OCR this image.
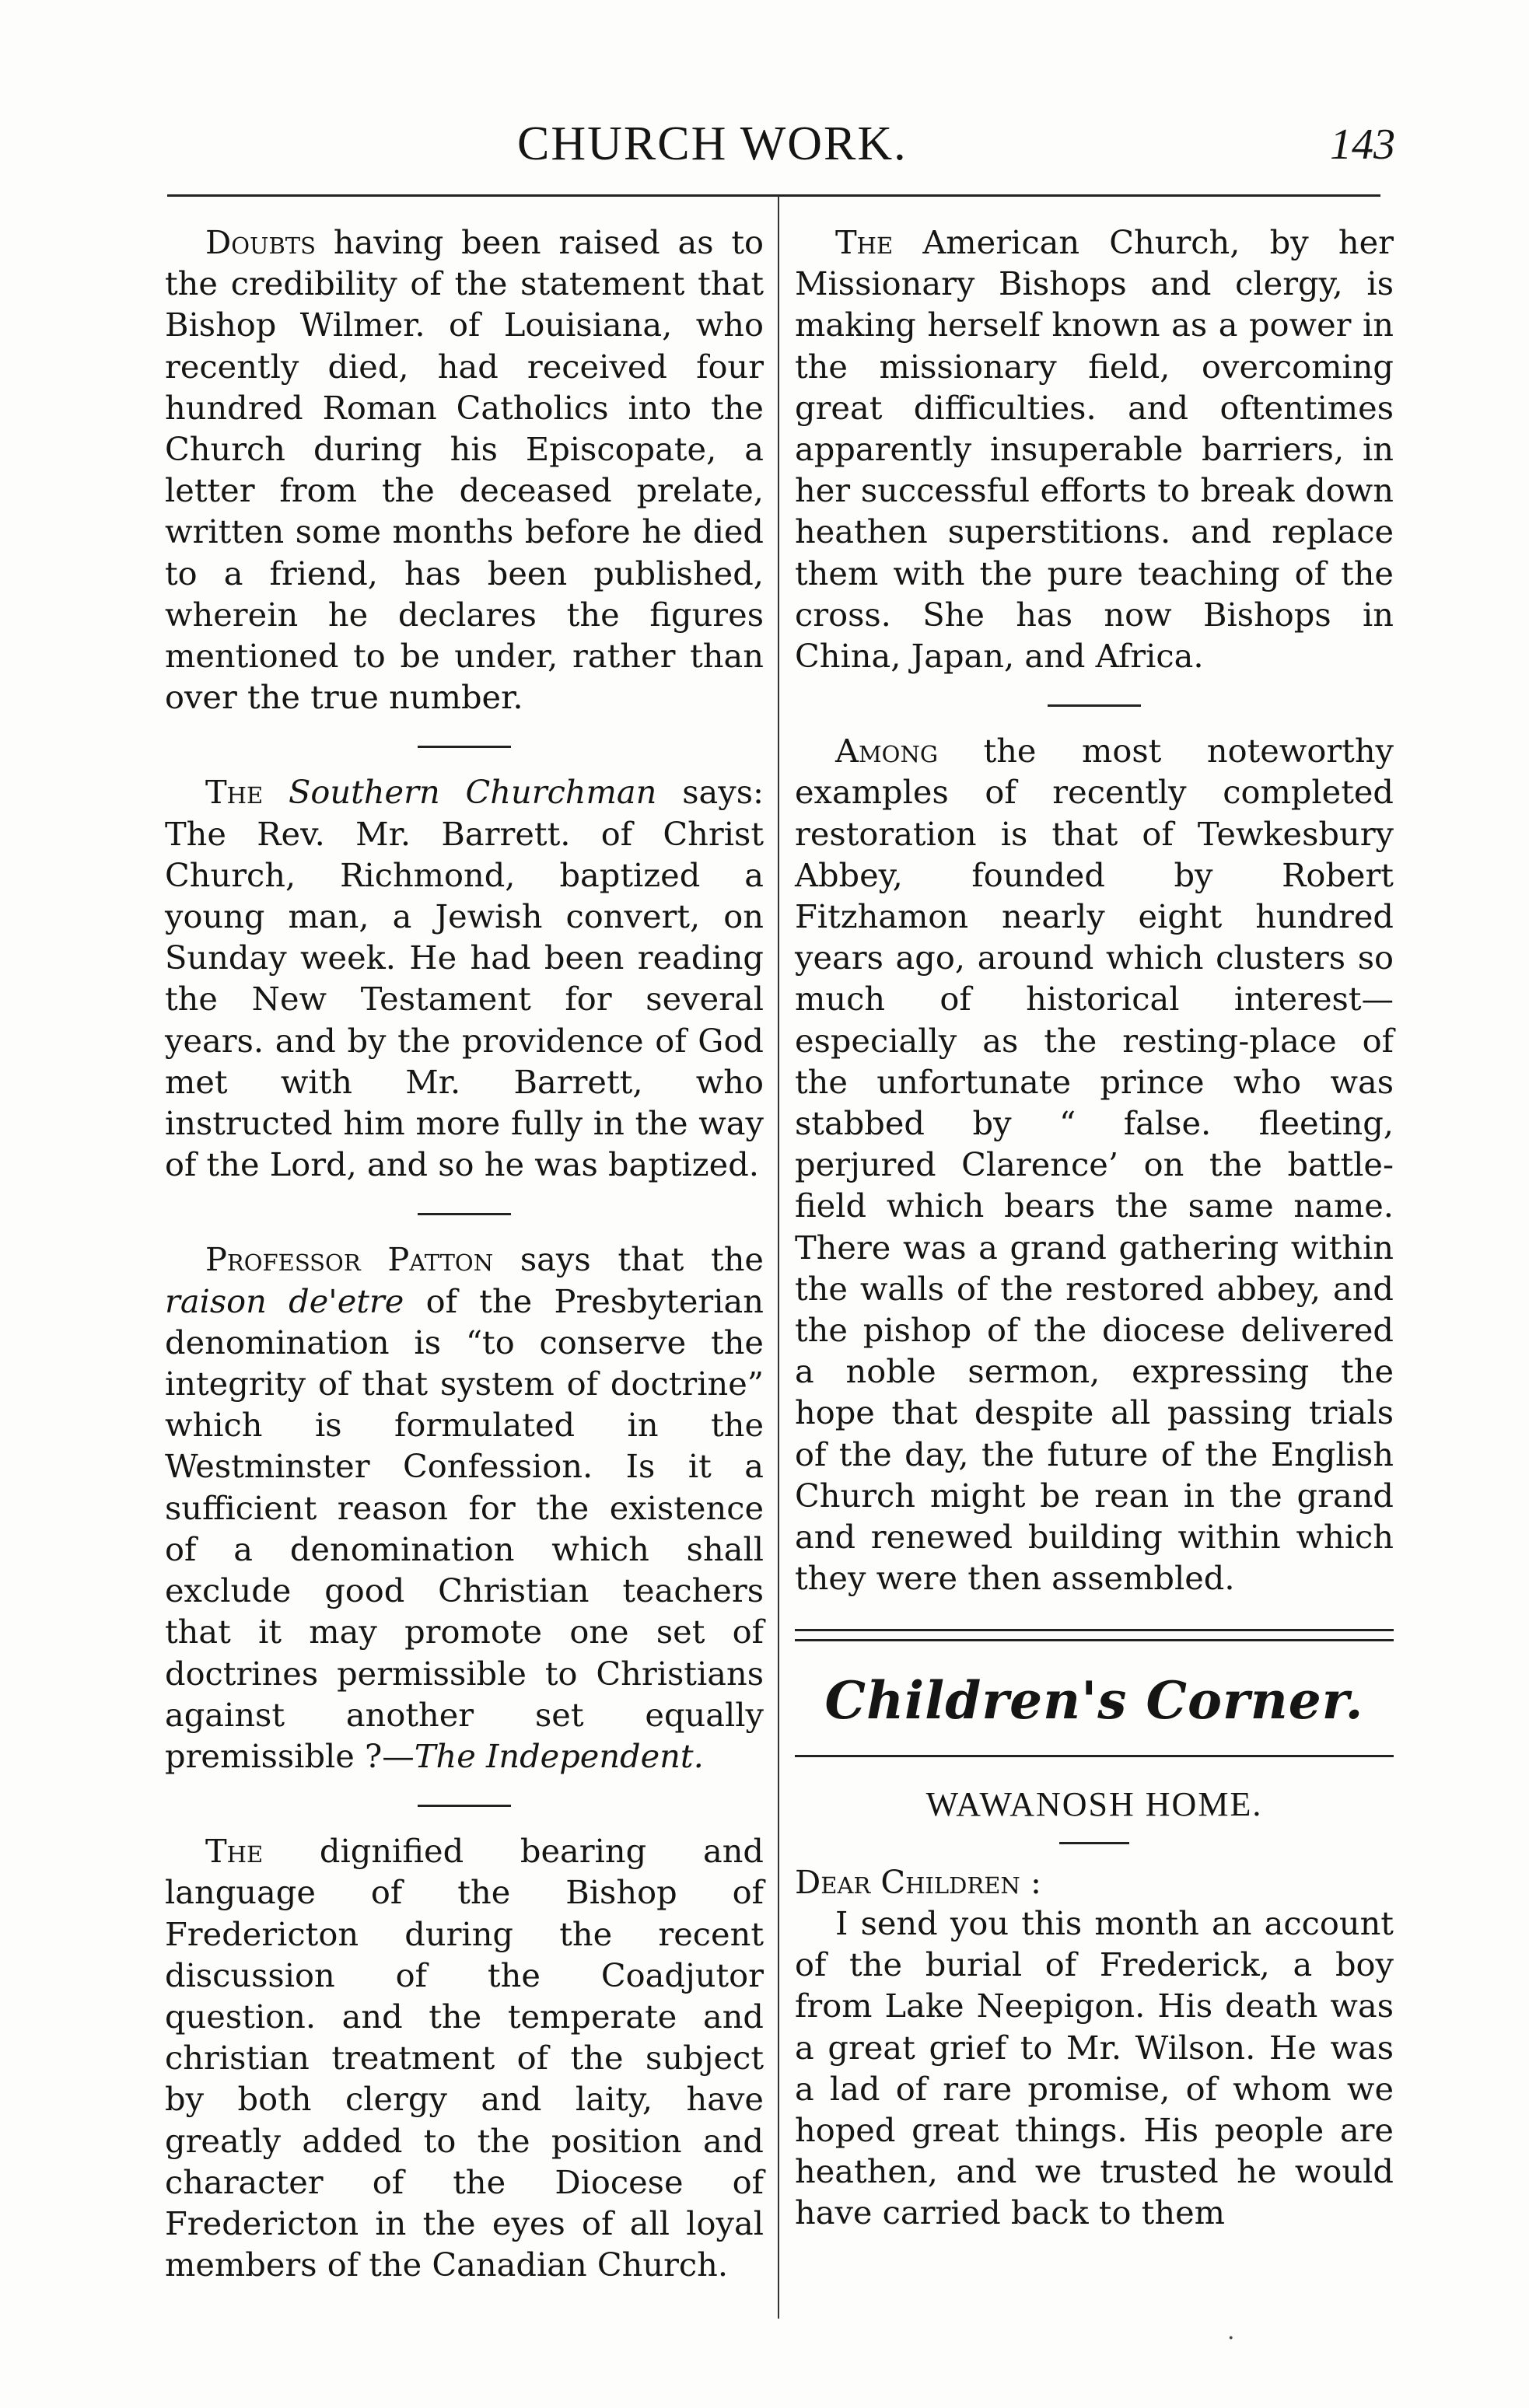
CHURCH WORK.	143

Doubts having been raised as to the credibility of the statement that Bishop Wilmer. of Louisiana, who recently died, had received four hundred Roman Catholics into the Church during his Episcopate, a letter from the deceased prelate, written some months before he died to a friend, has been published, wherein he declares the figures mentioned to be under, rather than over the true number.

The Southern Churchman says: The Rev. Mr. Barrett. of Christ Church, Richmond, baptized a young man, a Jewish convert, on Sunday week. He had been reading the New Testament for several years. and by the providence of God met with Mr. Barrett, who instructed him more fully in the way of the Lord, and so he was baptized.

Professor Patton says that the raison de'etre of the Presbyterian denomination is “to conserve the integrity of that system of doctrine” which is formulated in the Westminster Confession. Is it a sufficient reason for the existence of a denomination which shall exclude good Christian teachers that it may promote one set of doctrines permissible to Christians against another set equally premissible ?—The Independent.

The dignified bearing and language of the Bishop of Fredericton during the recent discussion of the Coadjutor question. and the temperate and christian treatment of the subject by both clergy and laity, have greatly added to the position and character of the Diocese of Fredericton in the eyes of all loyal members of the Canadian Church.

The American Church, by her Missionary Bishops and clergy, is making herself known as a power in the missionary field, overcoming great difficulties. and oftentimes apparently insuperable barriers, in her successful efforts to break down heathen superstitions. and replace them with the pure teaching of the cross. She has now Bishops in China, Japan, and Africa.

Among the most noteworthy examples of recently completed restoration is that of Tewkesbury Abbey, founded by Robert Fitzhamon nearly eight hundred years ago, around which clusters so much of historical interest—especially as the resting-place of the unfortunate prince who was stabbed by “ false. fleeting, perjured Clarence’ on the battle-field which bears the same name. There was a grand gathering within the walls of the restored abbey, and the pishop of the diocese delivered a noble sermon, expressing the hope that despite all passing trials of the day, the future of the English Church might be rean in the grand and renewed building within which they were then assembled.

Children's Corner.

WAWANOSH HOME.

Dear Children :

I send you this month an account of the burial of Frederick, a boy from Lake Neepigon. His death was a great grief to Mr. Wilson. He was a lad of rare promise, of whom we hoped great things. His people are heathen, and we trusted he would have carried back to them

·
